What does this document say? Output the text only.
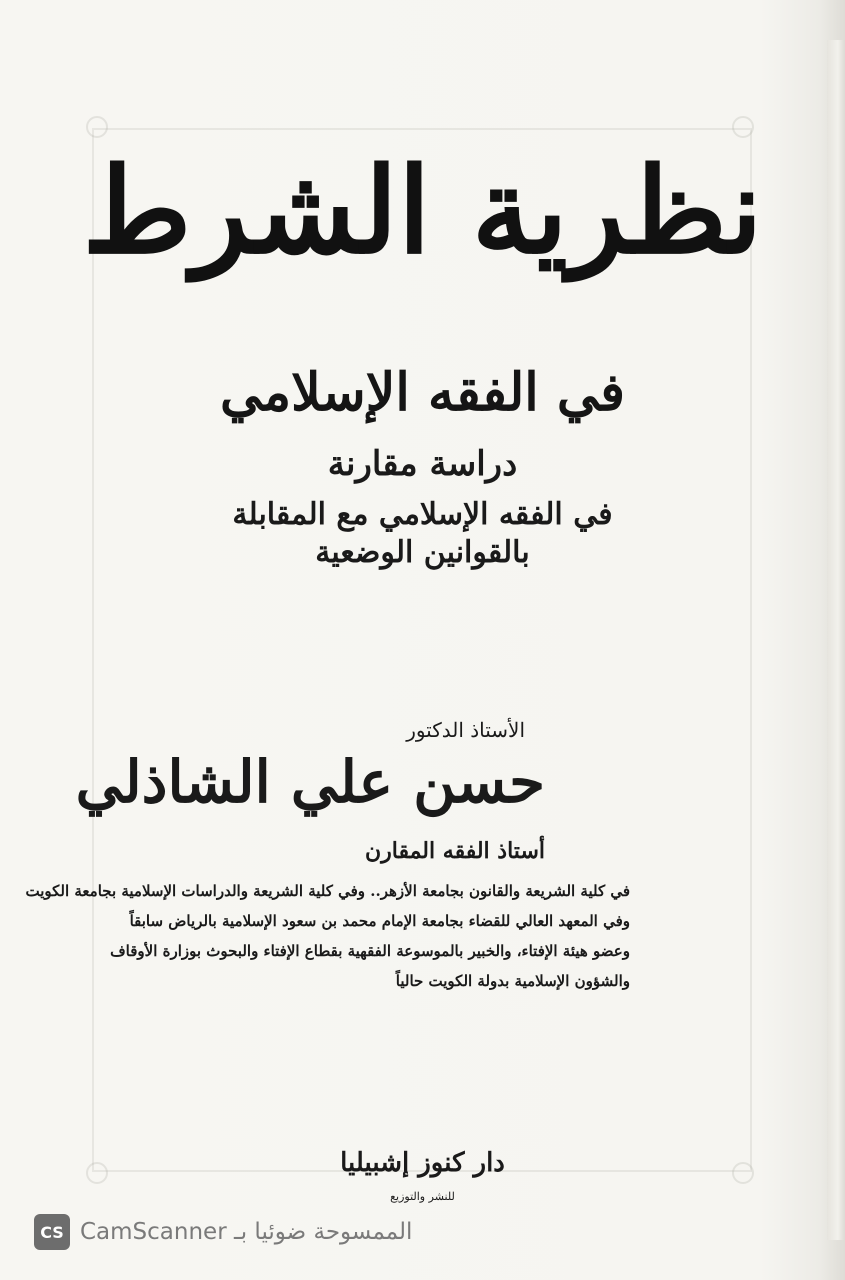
نظرية الشرط
في الفقه الإسلامي
دراسة مقارنة
في الفقه الإسلامي مع المقابلة
بالقوانين الوضعية
الأستاذ الدكتور
حسن علي الشاذلي
أستاذ الفقه المقارن
في كلية الشريعة والقانون بجامعة الأزهر.. وفي كلية الشريعة والدراسات الإسلامية بجامعة الكويت
وفي المعهد العالي للقضاء بجامعة الإمام محمد بن سعود الإسلامية بالرياض سابقاً
وعضو هيئة الإفتاء، والخبير بالموسوعة الفقهية بقطاع الإفتاء والبحوث بوزارة الأوقاف
والشؤون الإسلامية بدولة الكويت حالياً
دار كنوز إشبيليا
للنشر والتوزيع
CS الممسوحة ضوئيا بـ CamScanner
